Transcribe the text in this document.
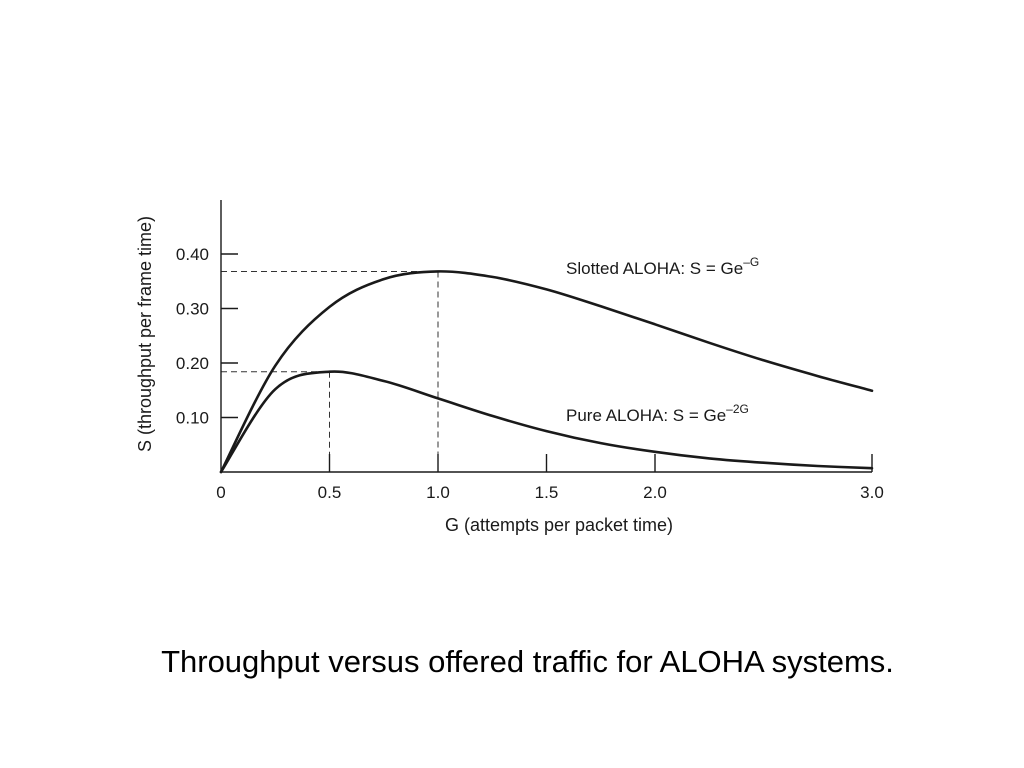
0.10
0.20
0.30
0.40
0	0.5	1.0	1.5	2.0	3.0
G (attempts per packet time)
S (throughput per frame time)	Slotted ALOHA: $S = Ge^{-G}$
Pure ALOHA: $S = Ge^{-2G}$
Throughput versus offered traffic for ALOHA systems.
